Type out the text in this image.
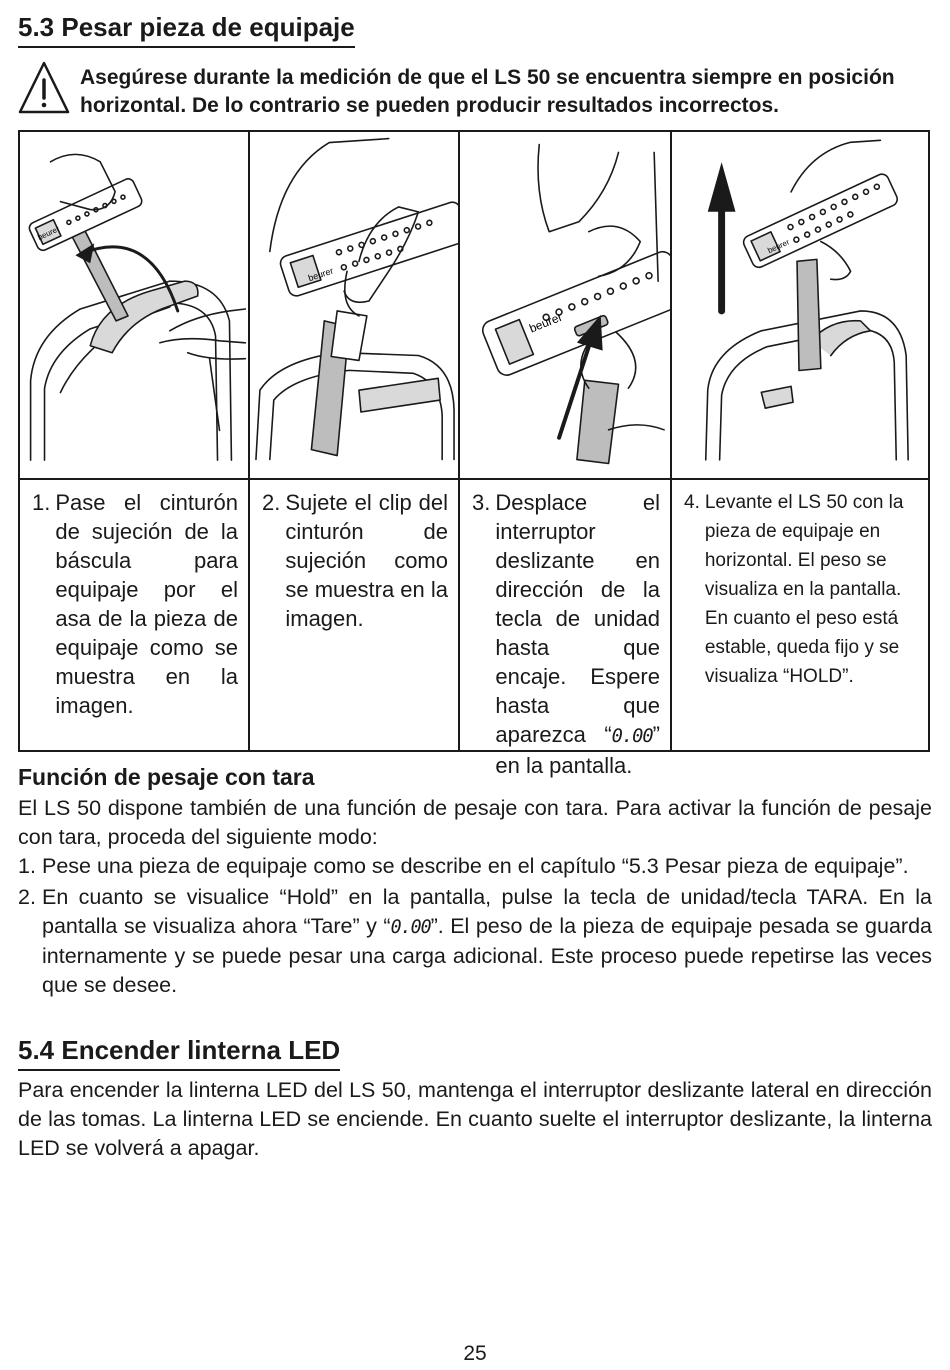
5.3 Pesar pieza de equipaje
Asegúrese durante la medición de que el LS 50 se encuentra siempre en posición horizontal. De lo contrario se pueden producir resultados incorrectos.
beurer
1. Pase el cinturón de sujeción de la báscula para equipaje por el asa de la pieza de equipaje como se muestra en la imagen.
beurer
2. Sujete el clip del cinturón de sujeción como se muestra en la imagen.
beurer
3. Desplace el interruptor deslizante en dirección de la tecla de unidad hasta que encaje. Espere hasta que aparezca “0.00” en la pantalla.
beurer
4. Levante el LS 50 con la pieza de equipaje en horizontal. El peso se visualiza en la pantalla. En cuanto el peso está estable, queda fijo y se visualiza “HOLD”.
Función de pesaje con tara

El LS 50 dispone también de una función de pesaje con tara. Para activar la función de pesaje con tara, proceda del siguiente modo:

1. Pese una pieza de equipaje como se describe en el capítulo “5.3 Pesar pieza de equipaje”.
2. En cuanto se visualice “Hold” en la pantalla, pulse la tecla de unidad/tecla TARA. En la pantalla se visualiza ahora “Tare” y “0.00”. El peso de la pieza de equipaje pesada se guarda internamente y se puede pesar una carga adicional. Este proceso puede repetirse las veces que se desee.
5.4 Encender linterna LED

Para encender la linterna LED del LS 50, mantenga el interruptor deslizante lateral en dirección de las tomas. La linterna LED se enciende. En cuanto suelte el interruptor deslizante, la linterna LED se volverá a apagar.

25
